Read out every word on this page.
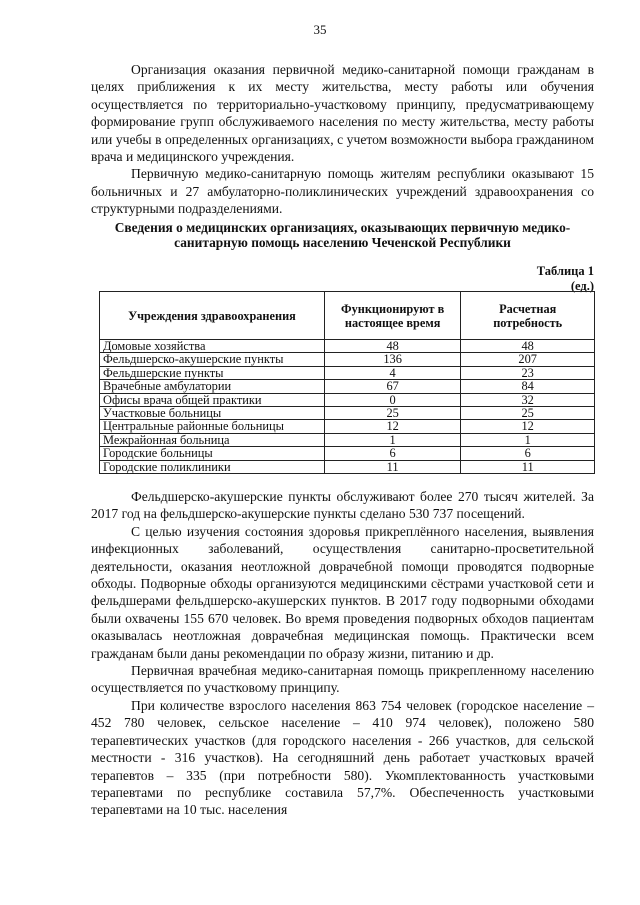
35

Организация оказания первичной медико-санитарной помощи гражданам в целях приближения к их месту жительства, месту работы или обучения осуществляется по территориально-участковому принципу, предусматривающему формирование групп обслуживаемого населения по месту жительства, месту работы или учебы в определенных организациях, с учетом возможности выбора гражданином врача и медицинского учреждения.

Первичную медико-санитарную помощь жителям республики оказывают 15 больничных и 27 амбулаторно-поликлинических учреждений здравоохранения со структурными подразделениями.

Сведения о медицинских организациях, оказывающих первичную медико-санитарную помощь населению Чеченской Республики
Таблица 1
(ед.)
Учреждения здравоохранения	Функционируют в настоящее время	Расчетная потребность
Домовые хозяйства	48	48
Фельдшерско-акушерские пункты	136	207
Фельдшерские пункты	4	23
Врачебные амбулатории	67	84
Офисы врача общей практики	0	32
Участковые больницы	25	25
Центральные районные больницы	12	12
Межрайонная больница	1	1
Городские больницы	6	6
Городские поликлиники	11	11

Фельдшерско-акушерские пункты обслуживают более 270 тысяч жителей. За 2017 год на фельдшерско-акушерские пункты сделано 530 737 посещений.

С целью изучения состояния здоровья прикреплённого населения, выявления инфекционных заболеваний, осуществления санитарно-просветительной деятельности, оказания неотложной доврачебной помощи проводятся подворные обходы. Подворные обходы организуются медицинскими сёстрами участковой сети и фельдшерами фельдшерско-акушерских пунктов. В 2017 году подворными обходами были охвачены 155 670 человек. Во время проведения подворных обходов пациентам оказывалась неотложная доврачебная медицинская помощь. Практически всем гражданам были даны рекомендации по образу жизни, питанию и др.

Первичная врачебная медико-санитарная помощь прикрепленному населению осуществляется по участковому принципу.

При количестве взрослого населения 863 754 человек (городское население – 452 780 человек, сельское население – 410 974 человек), положено 580 терапевтических участков (для городского населения - 266 участков, для сельской местности - 316 участков). На сегодняшний день работает участковых врачей терапевтов – 335 (при потребности 580). Укомплектованность участковыми терапевтами по республике составила 57,7%. Обеспеченность участковыми терапевтами на 10 тыс. населения
